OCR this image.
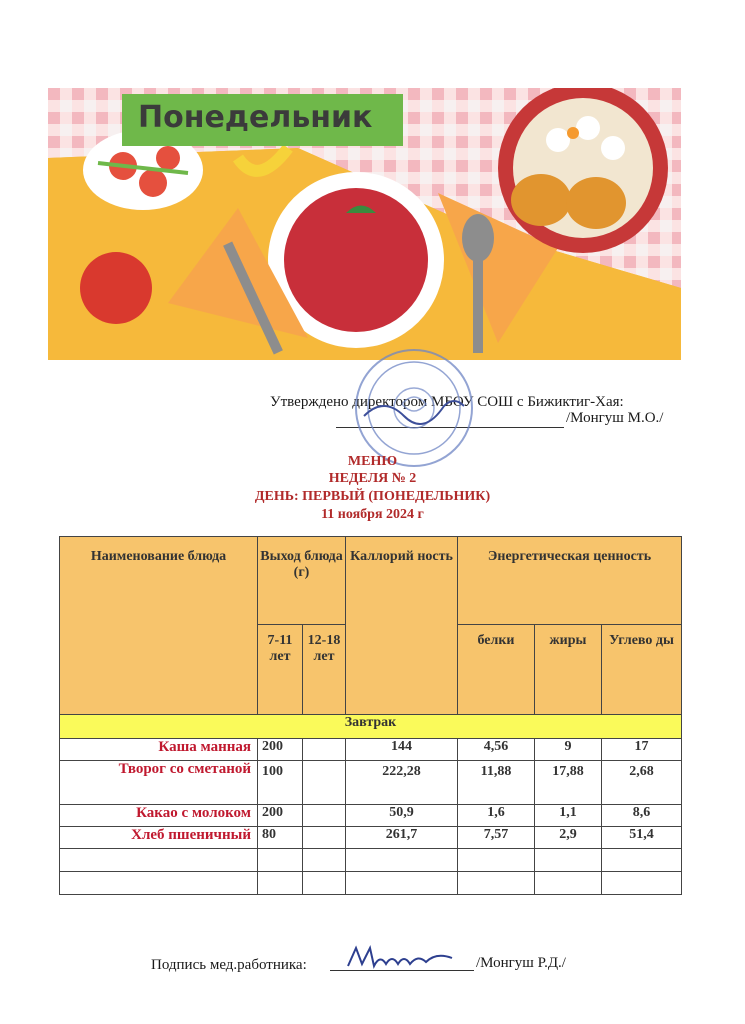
Понедельник
Утверждено директором МБОУ СОШ с Бижиктиг-Хая:
/Монгуш М.О./
МЕНЮ
НЕДЕЛЯ № 2
ДЕНЬ: ПЕРВЫЙ (ПОНЕДЕЛЬНИК)
11 ноября 2024 г
Наименование блюда	Выход блюда (г)		Каллорий ность	Энергетическая ценность		
	7-11 лет	12-18 лет		белки	жиры	Углево ды
Завтрак						
Каша манная	200		144	4,56	9	17
Творог со сметаной	100		222,28	11,88	17,88	2,68
Какао с молоком	200		50,9	1,6	1,1	8,6
Хлеб пшеничный	80		261,7	7,57	2,9	51,4

Подпись мед.работника:	/Монгуш Р.Д./
